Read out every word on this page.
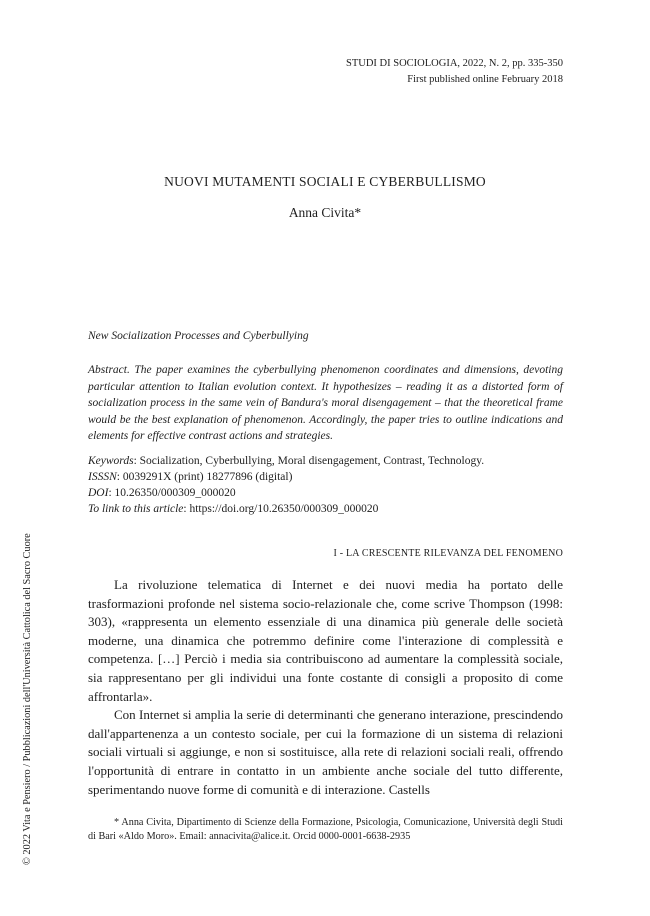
STUDI DI SOCIOLOGIA, 2022, N. 2, pp. 335-350
First published online February 2018
NUOVI MUTAMENTI SOCIALI E CYBERBULLISMO
Anna Civita*
New Socialization Processes and Cyberbullying
Abstract. The paper examines the cyberbullying phenomenon coordinates and dimensions, devoting particular attention to Italian evolution context. It hypothesizes – reading it as a distorted form of socialization process in the same vein of Bandura's moral disengagement – that the theoretical frame would be the best explanation of phenomenon. Accordingly, the paper tries to outline indications and elements for effective contrast actions and strategies.
Keywords: Socialization, Cyberbullying, Moral disengagement, Contrast, Technology.
ISSSN: 0039291X (print) 18277896 (digital)
DOI: 10.26350/000309_000020
To link to this article: https://doi.org/10.26350/000309_000020
I - LA CRESCENTE RILEVANZA DEL FENOMENO

La rivoluzione telematica di Internet e dei nuovi media ha portato delle trasformazioni profonde nel sistema socio-relazionale che, come scrive Thompson (1998: 303), «rappresenta un elemento essenziale di una dinamica più generale delle società moderne, una dinamica che potremmo definire come l'interazione di complessità e competenza. […] Perciò i media sia contribuiscono ad aumentare la complessità sociale, sia rappresentano per gli individui una fonte costante di consigli a proposito di come affrontarla».

Con Internet si amplia la serie di determinanti che generano interazione, prescindendo dall'appartenenza a un contesto sociale, per cui la formazione di un sistema di relazioni sociali virtuali si aggiunge, e non si sostituisce, alla rete di relazioni sociali reali, offrendo l'opportunità di entrare in contatto in un ambiente anche sociale del tutto differente, sperimentando nuove forme di comunità e di interazione. Castells

* Anna Civita, Dipartimento di Scienze della Formazione, Psicologia, Comunicazione, Università degli Studi di Bari «Aldo Moro». Email: annacivita@alice.it. Orcid 0000-0001-6638-2935

© 2022 Vita e Pensiero / Pubblicazioni dell'Università Cattolica del Sacro Cuore
